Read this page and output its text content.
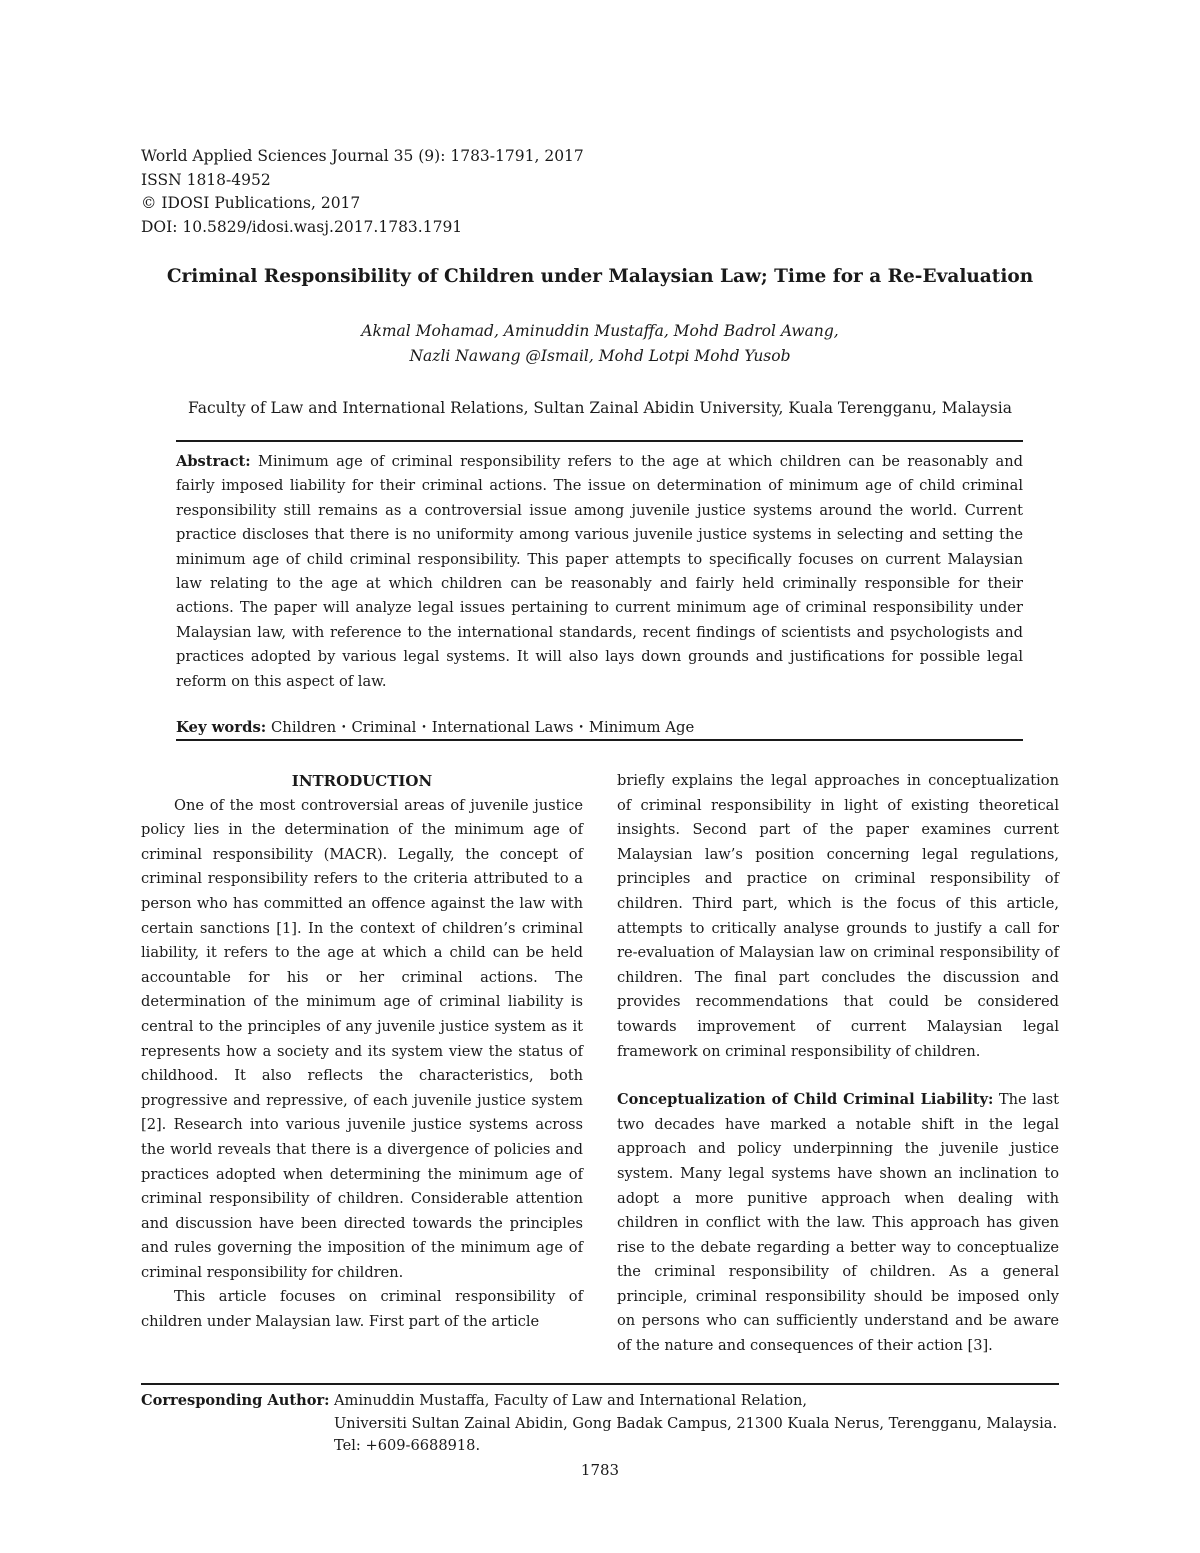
World Applied Sciences Journal 35 (9): 1783-1791, 2017
ISSN 1818-4952
© IDOSI Publications, 2017
DOI: 10.5829/idosi.wasj.2017.1783.1791
Criminal Responsibility of Children under Malaysian Law; Time for a Re-Evaluation
Akmal Mohamad, Aminuddin Mustaffa, Mohd Badrol Awang,
Nazli Nawang @Ismail, Mohd Lotpi Mohd Yusob
Faculty of Law and International Relations, Sultan Zainal Abidin University, Kuala Terengganu, Malaysia
Abstract: Minimum age of criminal responsibility refers to the age at which children can be reasonably and fairly imposed liability for their criminal actions. The issue on determination of minimum age of child criminal responsibility still remains as a controversial issue among juvenile justice systems around the world. Current practice discloses that there is no uniformity among various juvenile justice systems in selecting and setting the minimum age of child criminal responsibility. This paper attempts to specifically focuses on current Malaysian law relating to the age at which children can be reasonably and fairly held criminally responsible for their actions. The paper will analyze legal issues pertaining to current minimum age of criminal responsibility under Malaysian law, with reference to the international standards, recent findings of scientists and psychologists and practices adopted by various legal systems. It will also lays down grounds and justifications for possible legal reform on this aspect of law.
Key words: Children • Criminal • International Laws • Minimum Age

INTRODUCTION

One of the most controversial areas of juvenile justice policy lies in the determination of the minimum age of criminal responsibility (MACR). Legally, the concept of criminal responsibility refers to the criteria attributed to a person who has committed an offence against the law with certain sanctions [1]. In the context of children’s criminal liability, it refers to the age at which a child can be held accountable for his or her criminal actions. The determination of the minimum age of criminal liability is central to the principles of any juvenile justice system as it represents how a society and its system view the status of childhood. It also reflects the characteristics, both progressive and repressive, of each juvenile justice system [2]. Research into various juvenile justice systems across the world reveals that there is a divergence of policies and practices adopted when determining the minimum age of criminal responsibility of children. Considerable attention and discussion have been directed towards the principles and rules governing the imposition of the minimum age of criminal responsibility for children.

This article focuses on criminal responsibility of children under Malaysian law. First part of the article

briefly explains the legal approaches in conceptualization of criminal responsibility in light of existing theoretical insights. Second part of the paper examines current Malaysian law’s position concerning legal regulations, principles and practice on criminal responsibility of children. Third part, which is the focus of this article, attempts to critically analyse grounds to justify a call for re-evaluation of Malaysian law on criminal responsibility of children. The final part concludes the discussion and provides recommendations that could be considered towards improvement of current Malaysian legal framework on criminal responsibility of children.

Conceptualization of Child Criminal Liability: The last two decades have marked a notable shift in the legal approach and policy underpinning the juvenile justice system. Many legal systems have shown an inclination to adopt a more punitive approach when dealing with children in conflict with the law. This approach has given rise to the debate regarding a better way to conceptualize the criminal responsibility of children. As a general principle, criminal responsibility should be imposed only on persons who can sufficiently understand and be aware of the nature and consequences of their action [3].

Corresponding Author: Aminuddin Mustaffa, Faculty of Law and International Relation,
Universiti Sultan Zainal Abidin, Gong Badak Campus, 21300 Kuala Nerus, Terengganu, Malaysia.
Tel: +609-6688918.
1783
